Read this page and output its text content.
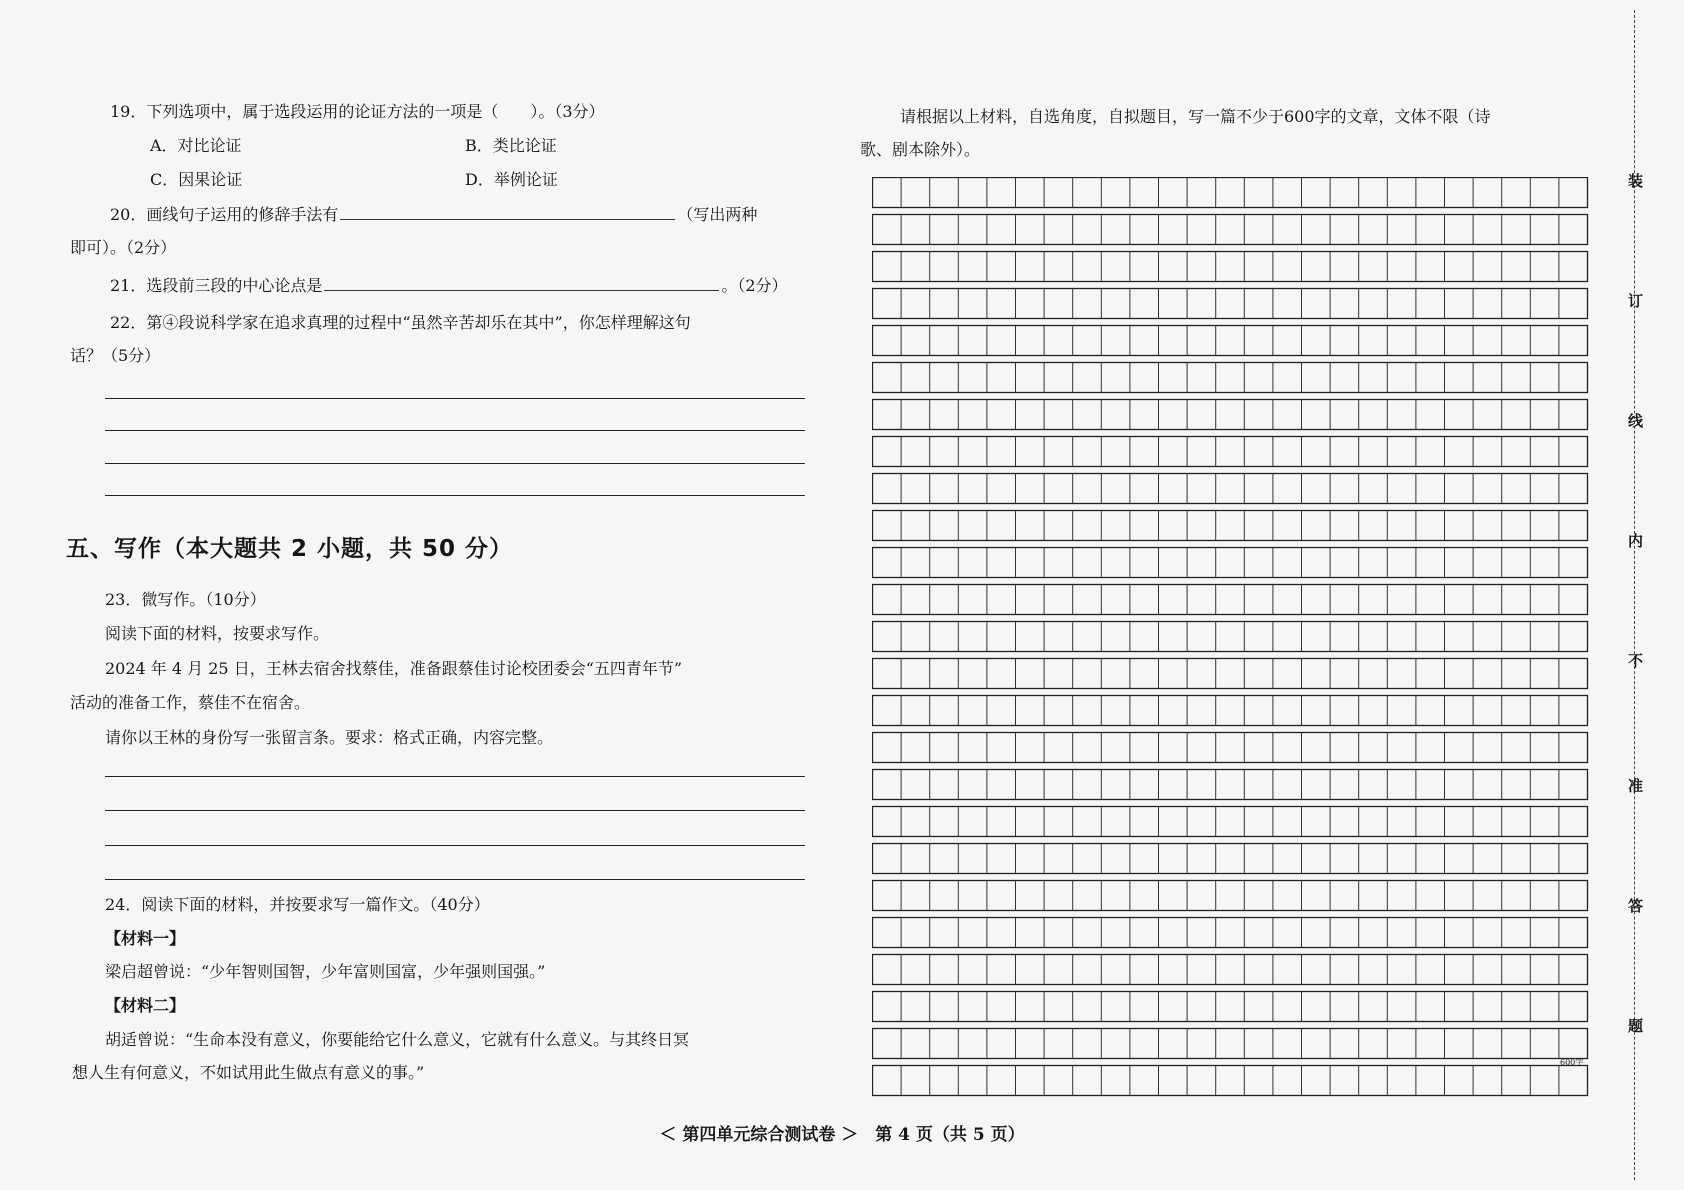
19．下列选项中，属于选段运用的论证方法的一项是（　　）。（3分）
A．对比论证	B．类比论证
C．因果论证	D．举例论证
20．画线句子运用的修辞手法有	（写出两种
即可）。（2分）
21．选段前三段的中心论点是	。（2分）
22．第④段说科学家在追求真理的过程中“虽然辛苦却乐在其中”，你怎样理解这句
话？（5分）
五、写作（本大题共 2 小题，共 50 分）
23．微写作。（10分）
阅读下面的材料，按要求写作。
2024 年 4 月 25 日，王林去宿舍找蔡佳，准备跟蔡佳讨论校团委会“五四青年节”
活动的准备工作，蔡佳不在宿舍。
请你以王林的身份写一张留言条。要求：格式正确，内容完整。
24．阅读下面的材料，并按要求写一篇作文。（40分）
【材料一】
梁启超曾说：“少年智则国智，少年富则国富，少年强则国强。”
【材料二】
胡适曾说：“生命本没有意义，你要能给它什么意义，它就有什么意义。与其终日冥
想人生有何意义，不如试用此生做点有意义的事。”
请根据以上材料，自选角度，自拟题目，写一篇不少于600字的文章，文体不限（诗
歌、剧本除外）。
600字
装
订
线
内
不
准
答
题
＜ 第四单元综合测试卷 ＞　第 4 页（共 5 页）
